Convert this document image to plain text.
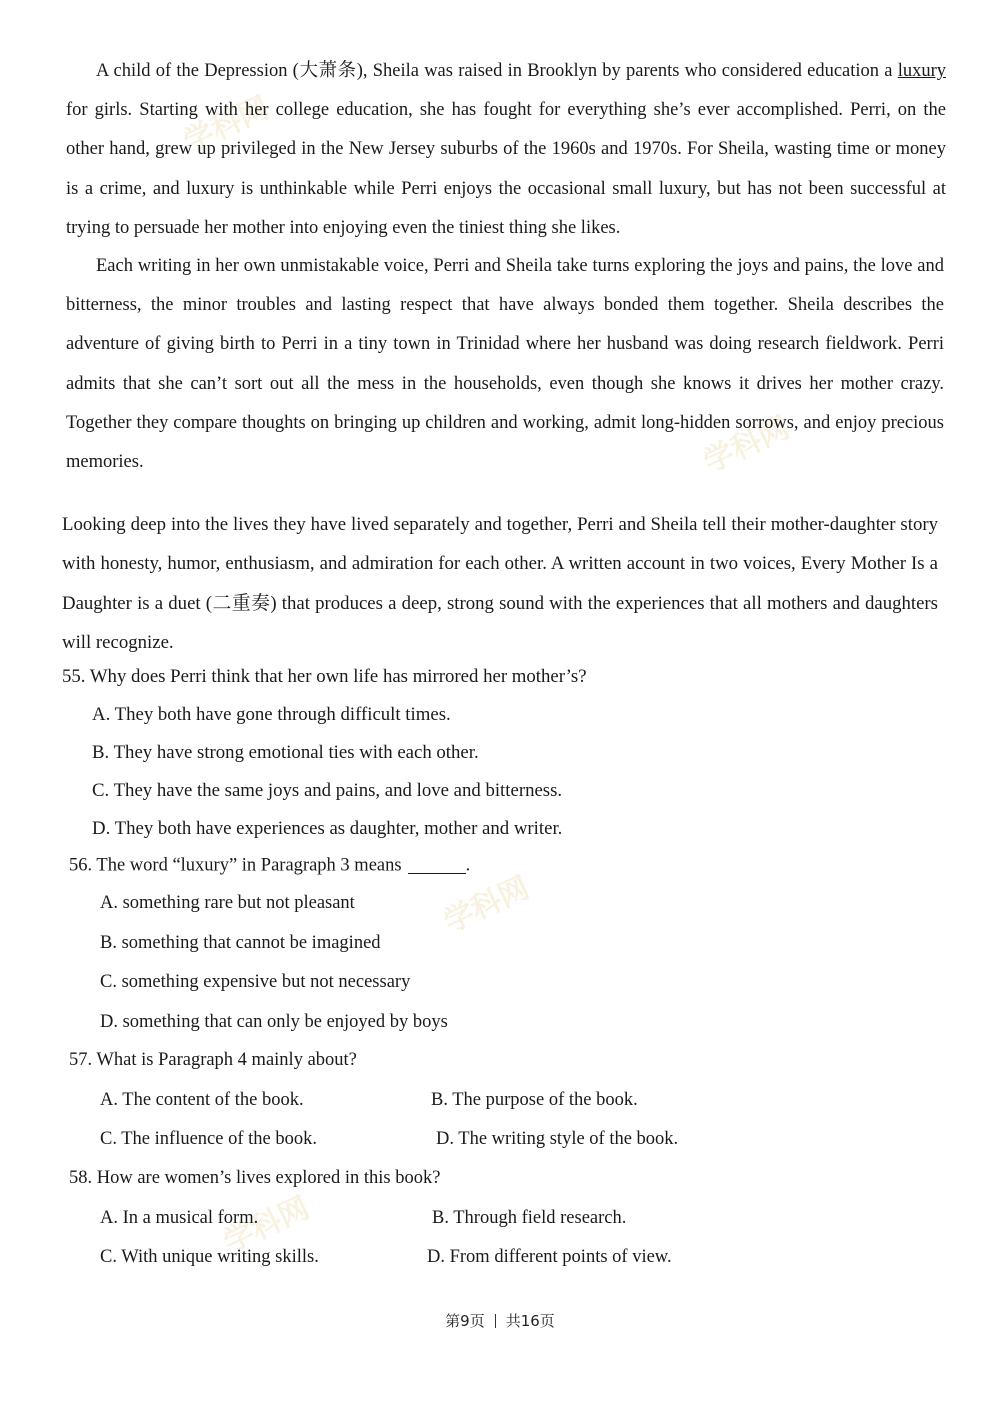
学科网
学科网
学科网
学科网

A child of the Depression (大萧条), Sheila was raised in Brooklyn by parents who considered education a luxury for girls. Starting with her college education, she has fought for everything she’s ever accomplished. Perri, on the other hand, grew up privileged in the New Jersey suburbs of the 1960s and 1970s. For Sheila, wasting time or money is a crime, and luxury is unthinkable while Perri enjoys the occasional small luxury, but has not been successful at trying to persuade her mother into enjoying even the tiniest thing she likes.

Each writing in her own unmistakable voice, Perri and Sheila take turns exploring the joys and pains, the love and bitterness, the minor troubles and lasting respect that have always bonded them together. Sheila describes the adventure of giving birth to Perri in a tiny town in Trinidad where her husband was doing research fieldwork. Perri admits that she can’t sort out all the mess in the households, even though she knows it drives her mother crazy. Together they compare thoughts on bringing up children and working, admit long-hidden sorrows, and enjoy precious memories.

Looking deep into the lives they have lived separately and together, Perri and Sheila tell their mother-daughter story with honesty, humor, enthusiasm, and admiration for each other. A written account in two voices, Every Mother Is a Daughter is a duet (二重奏) that produces a deep, strong sound with the experiences that all mothers and daughters will recognize.

55. Why does Perri think that her own life has mirrored her mother’s?

A. They both have gone through difficult times.

B. They have strong emotional ties with each other.

C. They have the same joys and pains, and love and bitterness.

D. They both have experiences as daughter, mother and writer.

56. The word “luxury” in Paragraph 3 means	.

A. something rare but not pleasant

B. something that cannot be imagined

C. something expensive but not necessary

D. something that can only be enjoyed by boys

57. What is Paragraph 4 mainly about?

A. The content of the book.	B. The purpose of the book.

C. The influence of the book.	D. The writing style of the book.

58. How are women’s lives explored in this book?

A. In a musical form.	B. Through field research.

C. With unique writing skills.	D. From different points of view.

第9页 共16页
